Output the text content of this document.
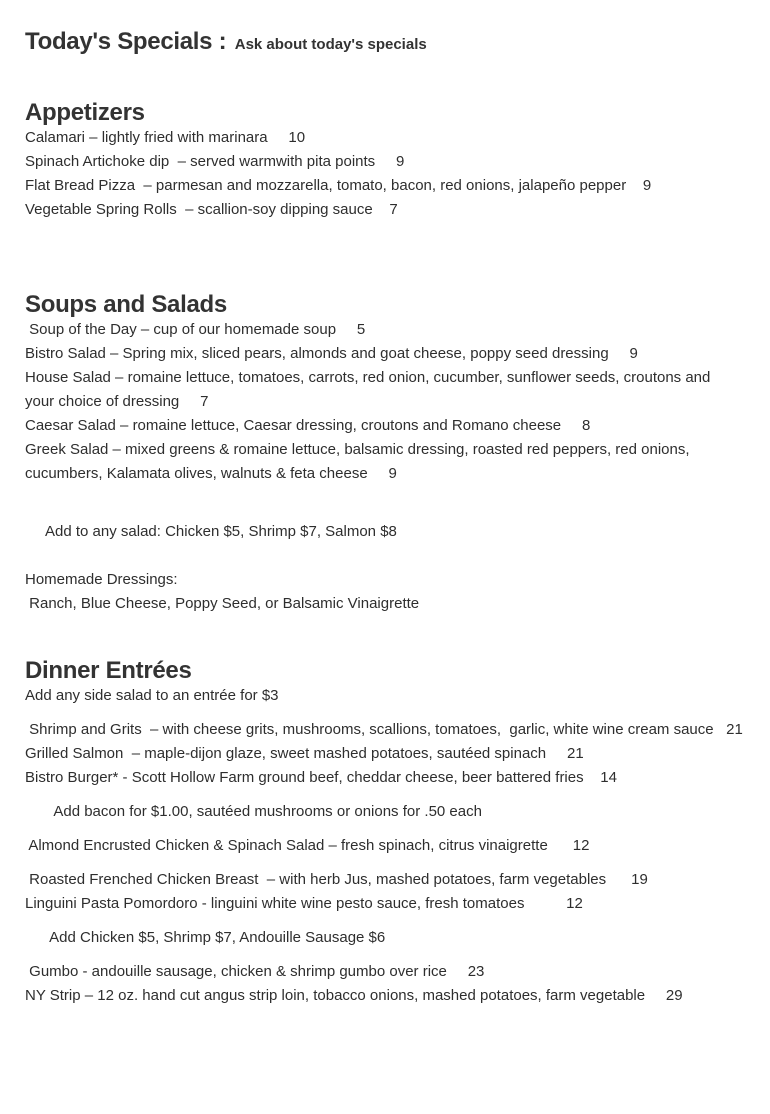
Today's Specials : Ask about today's specials
Appetizers
Calamari – lightly fried with marinara     10
Spinach Artichoke dip  – served warmwith pita points     9
Flat Bread Pizza  – parmesan and mozzarella, tomato, bacon, red onions, jalapeño pepper    9
Vegetable Spring Rolls  – scallion-soy dipping sauce    7
Soups and Salads
Soup of the Day – cup of our homemade soup     5
Bistro Salad – Spring mix, sliced pears, almonds and goat cheese, poppy seed dressing     9
House Salad – romaine lettuce, tomatoes, carrots, red onion, cucumber, sunflower seeds, croutons and your choice of dressing     7
Caesar Salad – romaine lettuce, Caesar dressing, croutons and Romano cheese     8
Greek Salad – mixed greens & romaine lettuce, balsamic dressing, roasted red peppers, red onions, cucumbers, Kalamata olives, walnuts & feta cheese     9
Add to any salad: Chicken $5, Shrimp $7, Salmon $8
Homemade Dressings:
Ranch, Blue Cheese, Poppy Seed, or Balsamic Vinaigrette
Dinner Entrées
Add any side salad to an entrée for $3
Shrimp and Grits  – with cheese grits, mushrooms, scallions, tomatoes,  garlic, white wine cream sauce   21
Grilled Salmon  – maple-dijon glaze, sweet mashed potatoes, sautéed spinach     21
Bistro Burger* - Scott Hollow Farm ground beef, cheddar cheese, beer battered fries    14
Add bacon for $1.00, sautéed mushrooms or onions for .50 each
Almond Encrusted Chicken & Spinach Salad – fresh spinach, citrus vinaigrette      12
Roasted Frenched Chicken Breast  – with herb Jus, mashed potatoes, farm vegetables      19
Linguini Pasta Pomordoro - linguini white wine pesto sauce, fresh tomatoes          12
Add Chicken $5, Shrimp $7, Andouille Sausage $6
Gumbo - andouille sausage, chicken & shrimp gumbo over rice     23
NY Strip – 12 oz. hand cut angus strip loin, tobacco onions, mashed potatoes, farm vegetable     29
